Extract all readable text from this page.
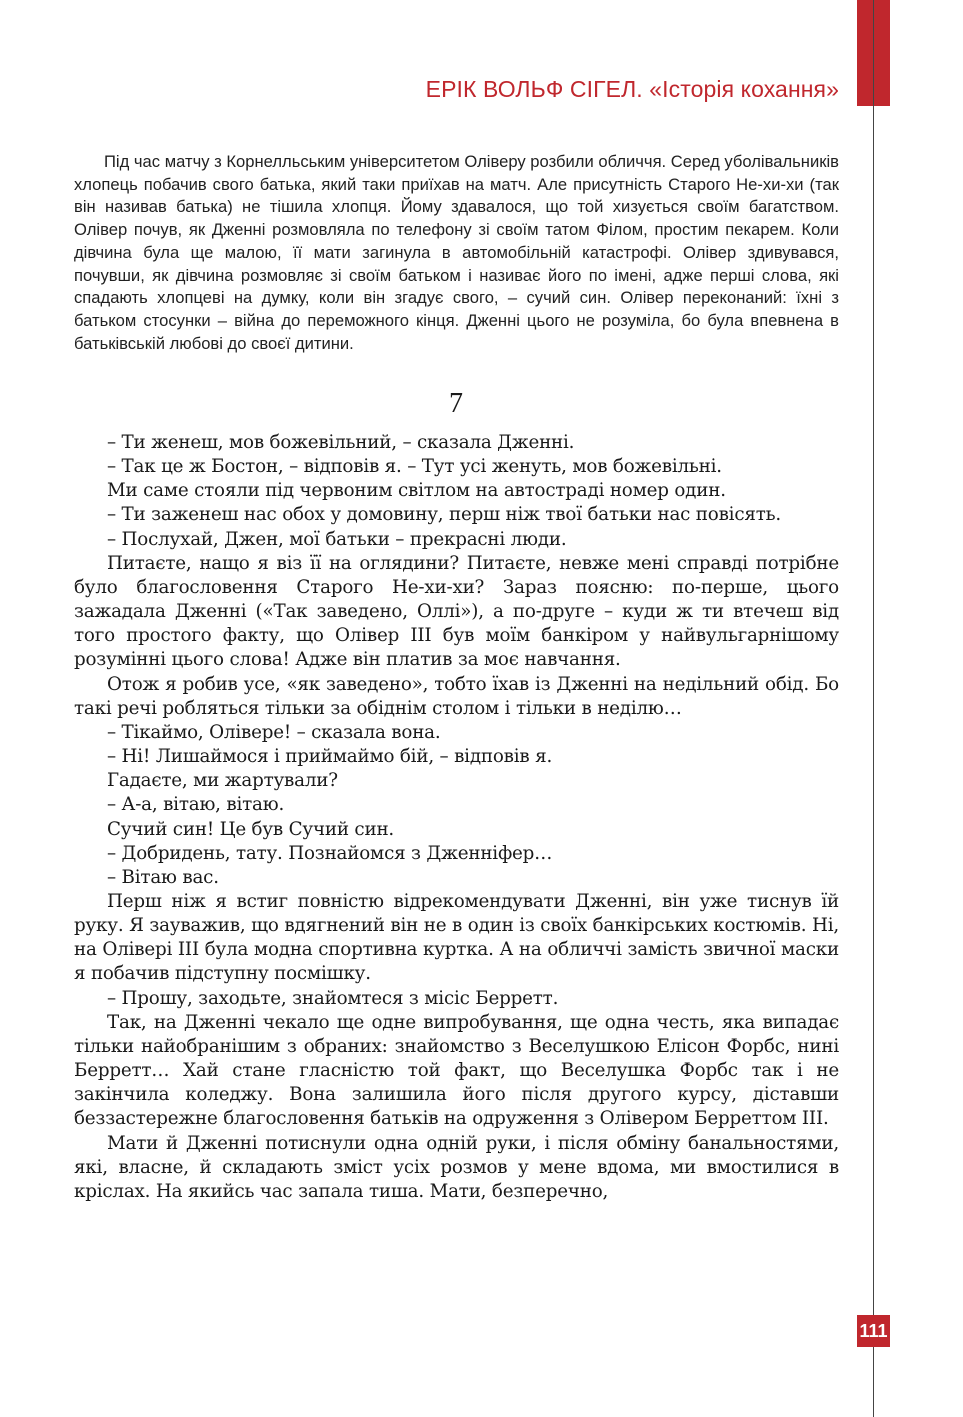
ЕРІК ВОЛЬФ СІГЕЛ. «Історія кохання»

Під час матчу з Корнелльським університетом Оліверу розбили обличчя. Серед уболівальників хлопець побачив свого батька, який таки приїхав на матч. Але присутність Старого Не-хи-хи (так він називав батька) не тішила хлопця. Йому здавалося, що той хизується своїм багатством. Олівер почув, як Дженні розмовляла по телефону зі своїм татом Філом, простим пекарем. Коли дівчина була ще малою, її мати загинула в автомобільній катастрофі. Олівер здивувався, почувши, як дівчина розмовляє зі своїм батьком і називає його по імені, адже перші слова, які спадають хлопцеві на думку, коли він згадує свого, – сучий син. Олівер переконаний: їхні з батьком стосунки – війна до переможного кінця. Дженні цього не розуміла, бо була впевнена в батьківській любові до своєї дитини.

7

– Ти женеш, мов божевільний, – сказала Дженні.

– Так це ж Бостон, – відповів я. – Тут усі женуть, мов божевільні.

Ми саме стояли під червоним світлом на автостраді номер один.

– Ти заженеш нас обох у домовину, перш ніж твої батьки нас повісять.

– Послухай, Джен, мої батьки – прекрасні люди.

Питаєте, нащо я віз її на оглядини? Питаєте, невже мені справді потрібне було благословення Старого Не-хи-хи? Зараз поясню: по-перше, цього зажадала Дженні («Так заведено, Оллі»), а по-друге – куди ж ти втечеш від того простого факту, що Олівер III був моїм банкіром у найвульгарнішому розумінні цього слова! Адже він платив за моє навчання.

Отож я робив усе, «як заведено», тобто їхав із Дженні на недільний обід. Бо такі речі робляться тільки за обіднім столом і тільки в неділю…

– Тікаймо, Олівере! – сказала вона.

– Ні! Лишаймося і приймаймо бій, – відповів я.

Гадаєте, ми жартували?

– А-а, вітаю, вітаю.

Сучий син! Це був Сучий син.

– Добридень, тату. Познайомся з Дженніфер…

– Вітаю вас.

Перш ніж я встиг повністю відрекомендувати Дженні, він уже тиснув їй руку. Я зауважив, що вдягнений він не в один із своїх банкірських костюмів. Ні, на Олівері III була модна спортивна куртка. А на обличчі замість звичної маски я побачив підступну посмішку.

– Прошу, заходьте, знайомтеся з місіс Берретт.

Так, на Дженні чекало ще одне випробування, ще одна честь, яка випадає тільки найобранішим з обраних: знайомство з Веселушкою Елісон Форбс, нині Берретт… Хай стане гласністю той факт, що Веселушка Форбс так і не закінчила коледжу. Вона залишила його після другого курсу, діставши беззастережне благословення батьків на одруження з Олівером Берреттом III.

Мати й Дженні потиснули одна одній руки, і після обміну банальностями, які, власне, й складають зміст усіх розмов у мене вдома, ми вмостилися в кріслах. На якийсь час запала тиша. Мати, безперечно,

111
